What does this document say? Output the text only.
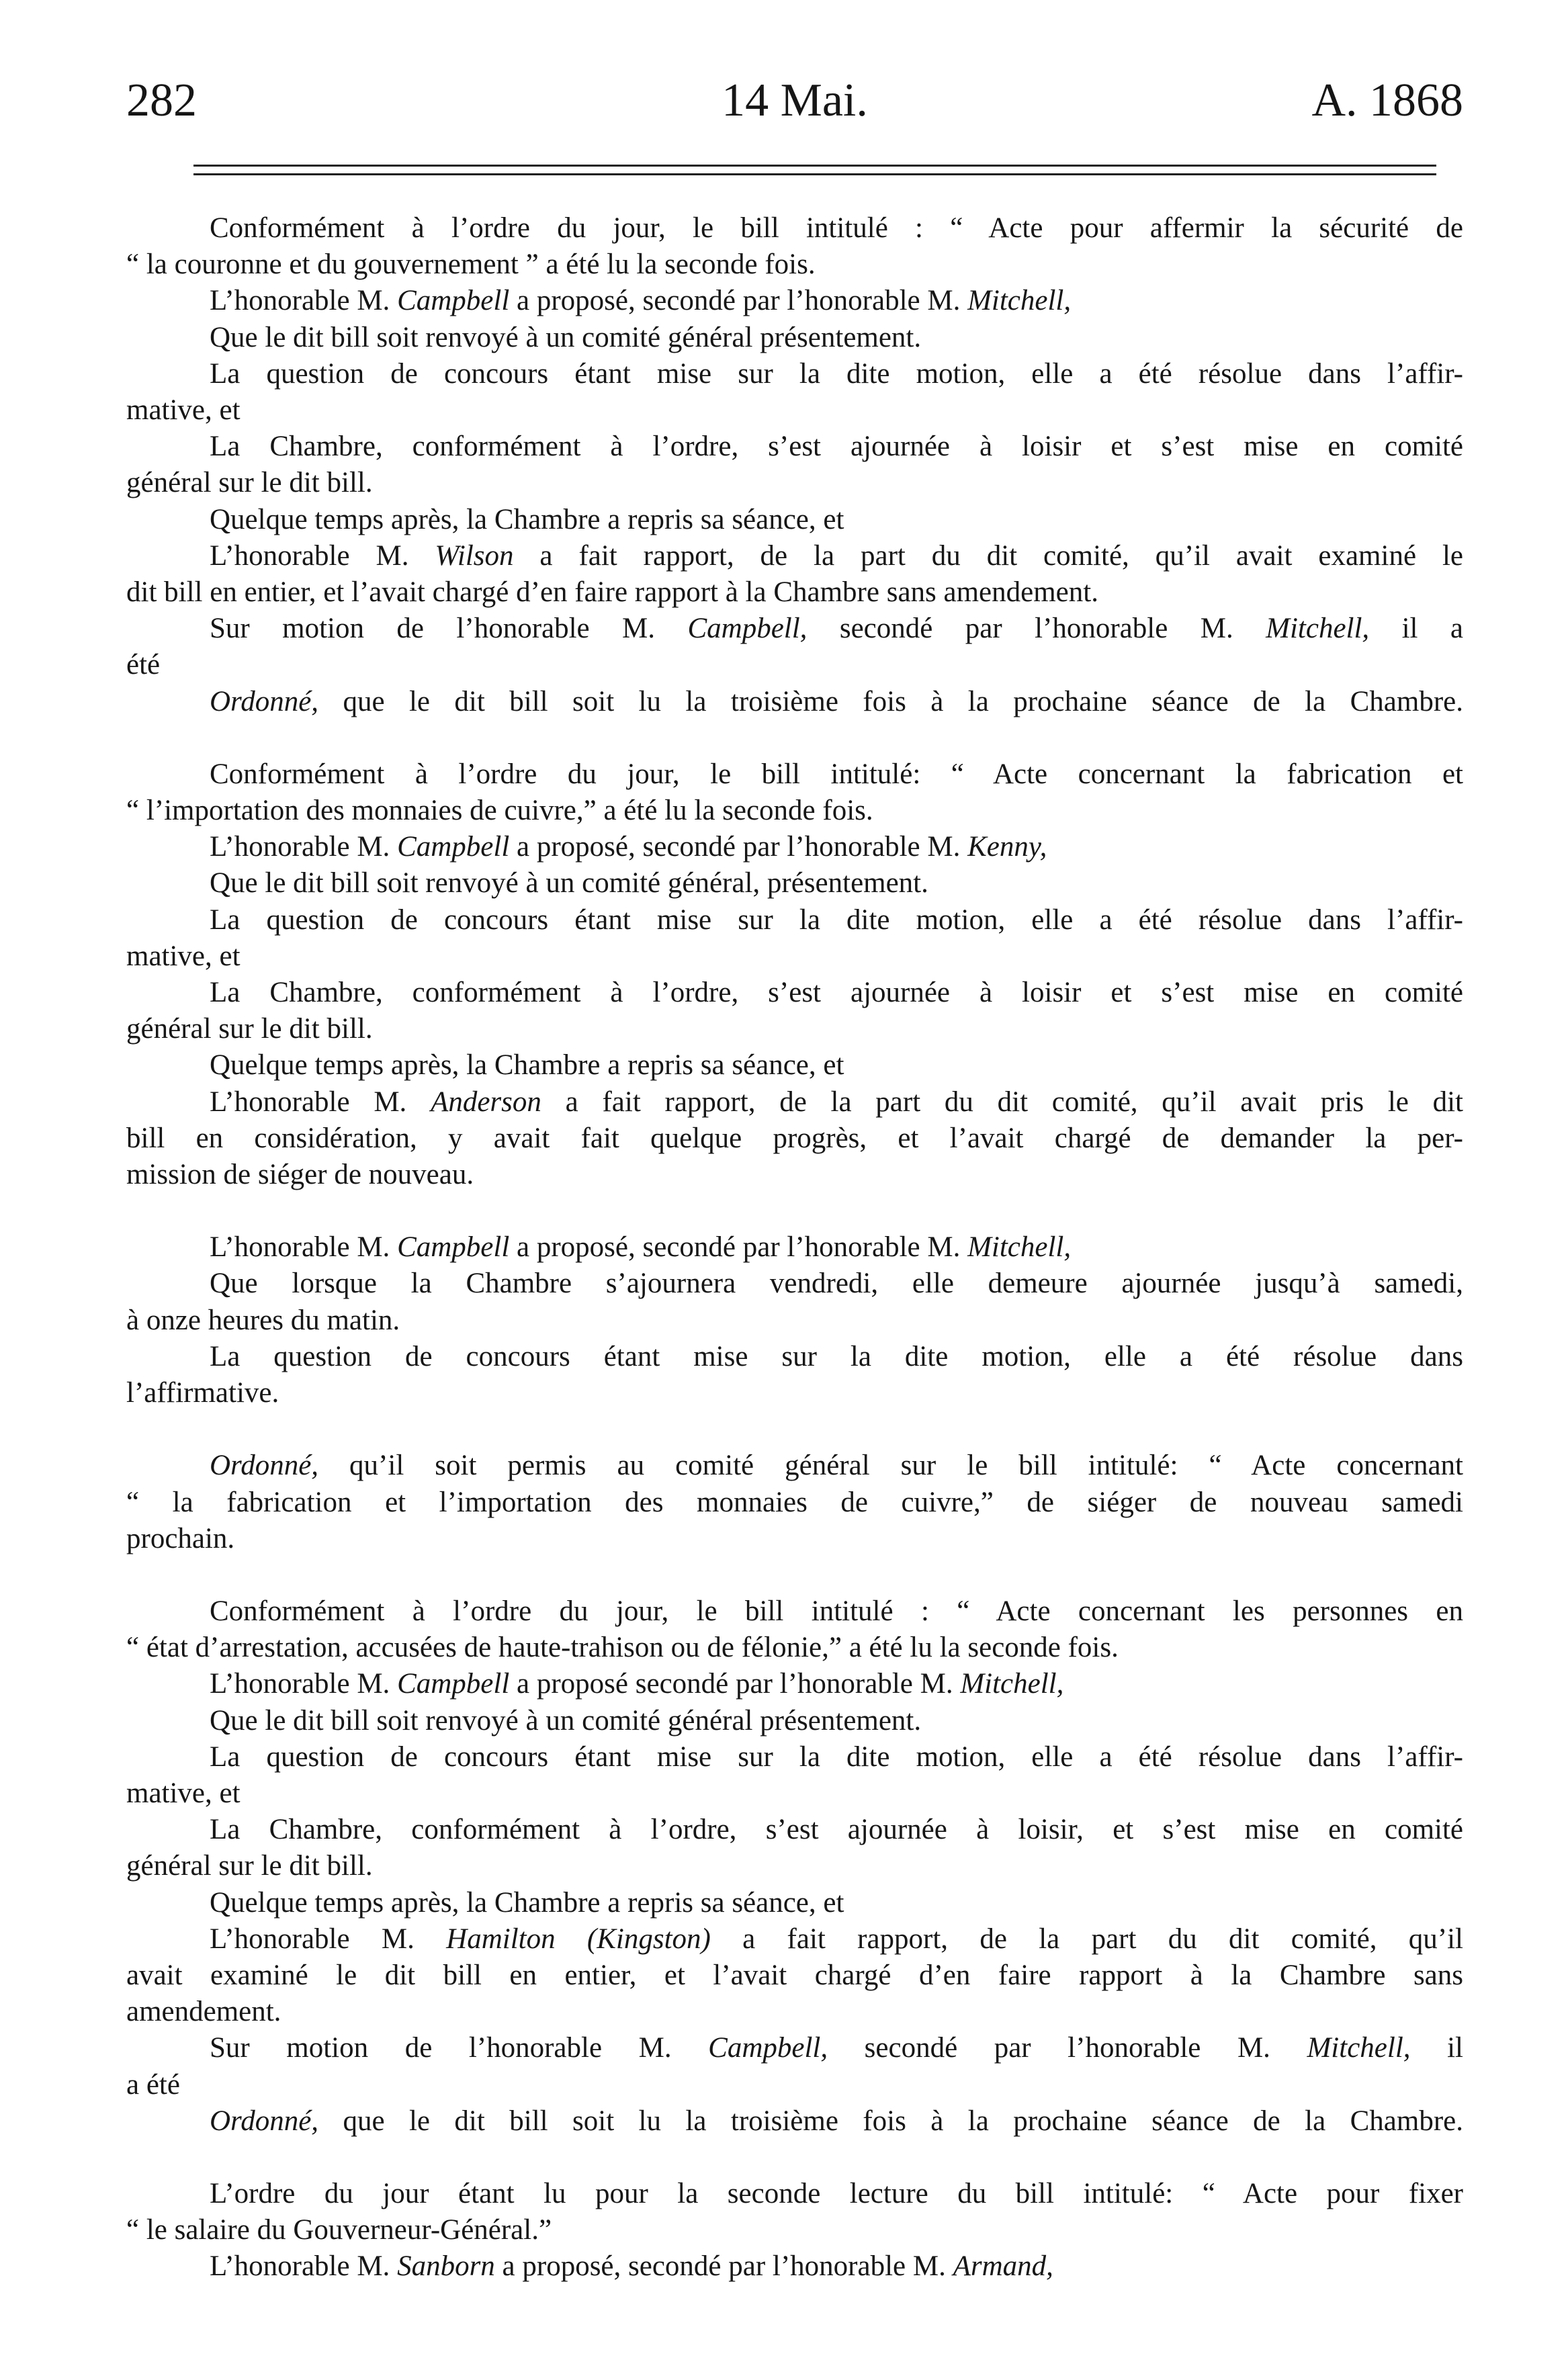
282	14 Mai.	A. 1868

Conformément à l’ordre du jour, le bill intitulé : “ Acte pour affermir la sécurité de

“ la couronne et du gouvernement ” a été lu la seconde fois.

L’honorable M. Campbell a proposé, secondé par l’honorable M. Mitchell,

Que le dit bill soit renvoyé à un comité général présentement.

La question de concours étant mise sur la dite motion, elle a été résolue dans l’affir-

mative, et

La Chambre, conformément à l’ordre, s’est ajournée à loisir et s’est mise en comité

général sur le dit bill.

Quelque temps après, la Chambre a repris sa séance, et

L’honorable M. Wilson a fait rapport, de la part du dit comité, qu’il avait examiné le

dit bill en entier, et l’avait chargé d’en faire rapport à la Chambre sans amendement.

Sur motion de l’honorable M. Campbell, secondé par l’honorable M. Mitchell, il a

été

Ordonné, que le dit bill soit lu la troisième fois à la prochaine séance de la Chambre.

Conformément à l’ordre du jour, le bill intitulé: “ Acte concernant la fabrication et

“ l’importation des monnaies de cuivre,” a été lu la seconde fois.

L’honorable M. Campbell a proposé, secondé par l’honorable M. Kenny,

Que le dit bill soit renvoyé à un comité général, présentement.

La question de concours étant mise sur la dite motion, elle a été résolue dans l’affir-

mative, et

La Chambre, conformément à l’ordre, s’est ajournée à loisir et s’est mise en comité

général sur le dit bill.

Quelque temps après, la Chambre a repris sa séance, et

L’honorable M. Anderson a fait rapport, de la part du dit comité, qu’il avait pris le dit

bill en considération, y avait fait quelque progrès, et l’avait chargé de demander la per-

mission de siéger de nouveau.

L’honorable M. Campbell a proposé, secondé par l’honorable M. Mitchell,

Que lorsque la Chambre s’ajournera vendredi, elle demeure ajournée jusqu’à samedi,

à onze heures du matin.

La question de concours étant mise sur la dite motion, elle a été résolue dans

l’affirmative.

Ordonné, qu’il soit permis au comité général sur le bill intitulé: “ Acte concernant

“ la fabrication et l’importation des monnaies de cuivre,” de siéger de nouveau samedi

prochain.

Conformément à l’ordre du jour, le bill intitulé : “ Acte concernant les personnes en

“ état d’arrestation, accusées de haute-trahison ou de félonie,” a été lu la seconde fois.

L’honorable M. Campbell a proposé secondé par l’honorable M. Mitchell,

Que le dit bill soit renvoyé à un comité général présentement.

La question de concours étant mise sur la dite motion, elle a été résolue dans l’affir-

mative, et

La Chambre, conformément à l’ordre, s’est ajournée à loisir, et s’est mise en comité

général sur le dit bill.

Quelque temps après, la Chambre a repris sa séance, et

L’honorable M. Hamilton (Kingston) a fait rapport, de la part du dit comité, qu’il

avait examiné le dit bill en entier, et l’avait chargé d’en faire rapport à la Chambre sans

amendement.

Sur motion de l’honorable M. Campbell, secondé par l’honorable M. Mitchell, il

a été

Ordonné, que le dit bill soit lu la troisième fois à la prochaine séance de la Chambre.

L’ordre du jour étant lu pour la seconde lecture du bill intitulé: “ Acte pour fixer

“ le salaire du Gouverneur-Général.”

L’honorable M. Sanborn a proposé, secondé par l’honorable M. Armand,
